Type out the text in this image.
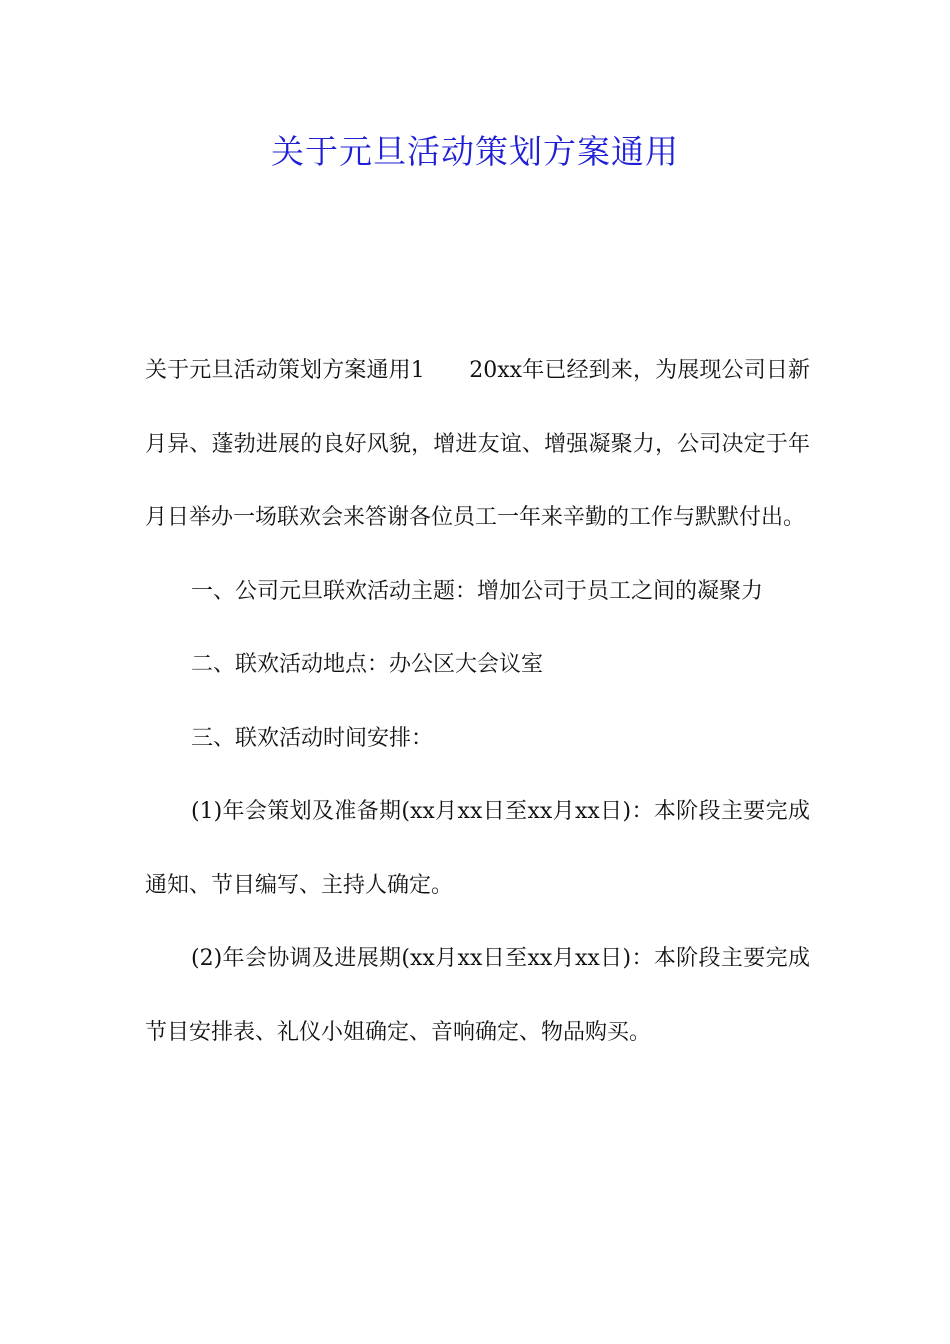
关于元旦活动策划方案通用

关于元旦活动策划方案通用1　　20xx年已经到来，为展现公司日新月异、蓬勃进展的良好风貌，增进友谊、增强凝聚力，公司决定于年月日举办一场联欢会来答谢各位员工一年来辛勤的工作与默默付出。

一、公司元旦联欢活动主题：增加公司于员工之间的凝聚力

二、联欢活动地点：办公区大会议室

三、联欢活动时间安排：

(1)年会策划及准备期(xx月xx日至xx月xx日)：本阶段主要完成通知、节目编写、主持人确定。

(2)年会协调及进展期(xx月xx日至xx月xx日)：本阶段主要完成节目安排表、礼仪小姐确定、音响确定、物品购买。
